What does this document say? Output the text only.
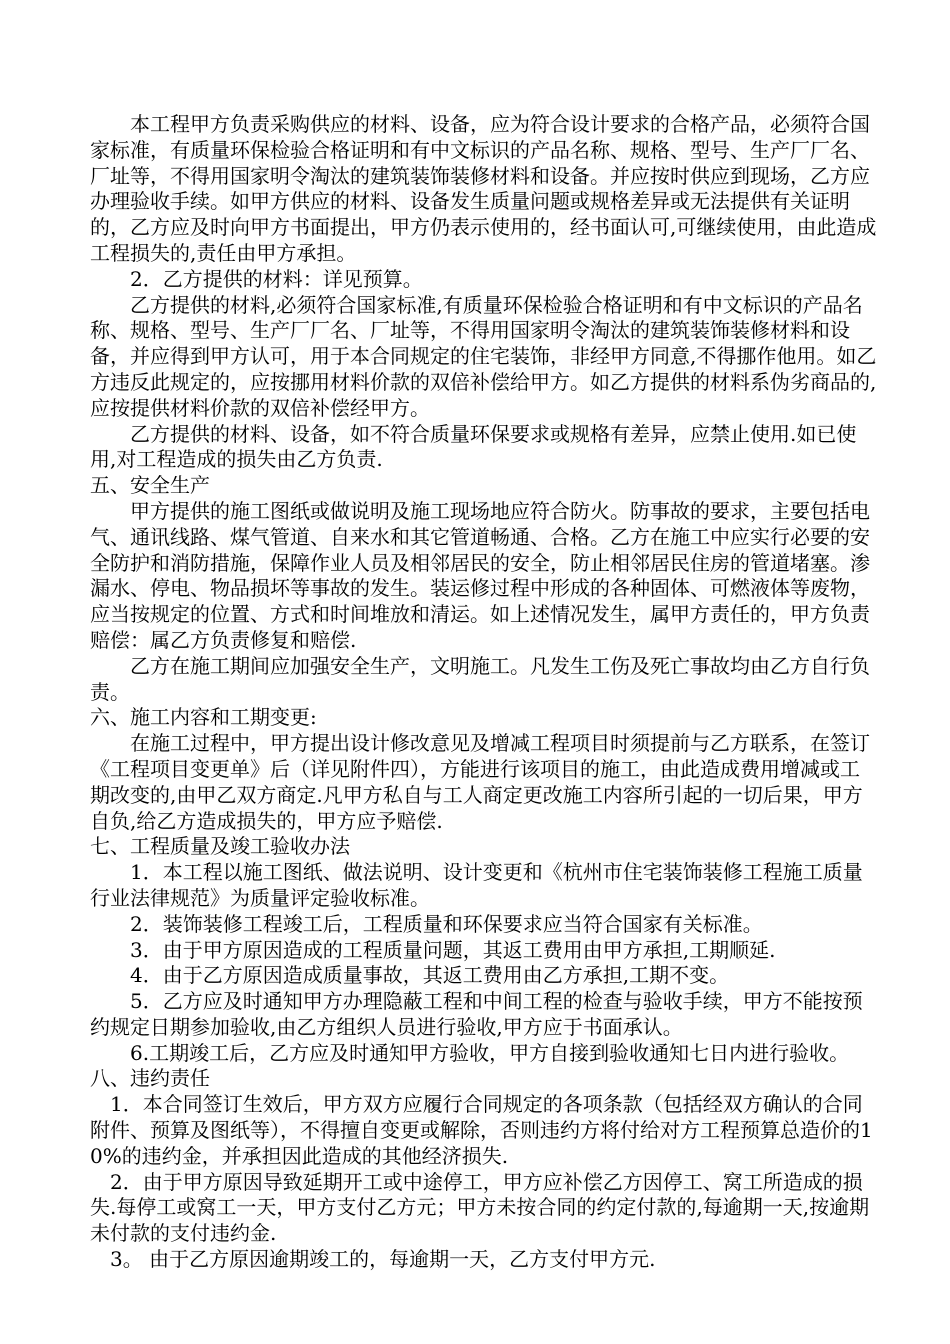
本工程甲方负责采购供应的材料、设备，应为符合设计要求的合格产品，必须符合国家标准，有质量环保检验合格证明和有中文标识的产品名称、规格、型号、生产厂厂名、厂址等，不得用国家明令淘汰的建筑装饰装修材料和设备。并应按时供应到现场，乙方应办理验收手续。如甲方供应的材料、设备发生质量问题或规格差异或无法提供有关证明的，乙方应及时向甲方书面提出，甲方仍表示使用的，经书面认可,可继续使用，由此造成工程损失的,责任由甲方承担。

2．乙方提供的材料：详见预算。

乙方提供的材料,必须符合国家标准,有质量环保检验合格证明和有中文标识的产品名称、规格、型号、生产厂厂名、厂址等，不得用国家明令淘汰的建筑装饰装修材料和设备，并应得到甲方认可，用于本合同规定的住宅装饰，非经甲方同意,不得挪作他用。如乙方违反此规定的，应按挪用材料价款的双倍补偿给甲方。如乙方提供的材料系伪劣商品的,应按提供材料价款的双倍补偿经甲方。

乙方提供的材料、设备，如不符合质量环保要求或规格有差异，应禁止使用.如已使用,对工程造成的损失由乙方负责.

五、安全生产

甲方提供的施工图纸或做说明及施工现场地应符合防火。防事故的要求，主要包括电气、通讯线路、煤气管道、自来水和其它管道畅通、合格。乙方在施工中应实行必要的安全防护和消防措施，保障作业人员及相邻居民的安全，防止相邻居民住房的管道堵塞。渗漏水、停电、物品损坏等事故的发生。装运修过程中形成的各种固体、可燃液体等废物，应当按规定的位置、方式和时间堆放和清运。如上述情况发生，属甲方责任的，甲方负责赔偿：属乙方负责修复和赔偿.

乙方在施工期间应加强安全生产，文明施工。凡发生工伤及死亡事故均由乙方自行负责。

六、施工内容和工期变更:

在施工过程中，甲方提出设计修改意见及增减工程项目时须提前与乙方联系，在签订《工程项目变更单》后（详见附件四），方能进行该项目的施工，由此造成费用增减或工期改变的,由甲乙双方商定.凡甲方私自与工人商定更改施工内容所引起的一切后果，甲方自负,给乙方造成损失的，甲方应予赔偿.

七、工程质量及竣工验收办法

1．本工程以施工图纸、做法说明、设计变更和《杭州市住宅装饰装修工程施工质量行业法律规范》为质量评定验收标准。

2．装饰装修工程竣工后，工程质量和环保要求应当符合国家有关标准。

3．由于甲方原因造成的工程质量问题，其返工费用由甲方承担,工期顺延.

4．由于乙方原因造成质量事故，其返工费用由乙方承担,工期不变。

5．乙方应及时通知甲方办理隐蔽工程和中间工程的检查与验收手续，甲方不能按预约规定日期参加验收,由乙方组织人员进行验收,甲方应于书面承认。

6.工期竣工后，乙方应及时通知甲方验收，甲方自接到验收通知七日内进行验收。

八、违约责任

1．本合同签订生效后，甲方双方应履行合同规定的各项条款（包括经双方确认的合同附件、预算及图纸等），不得擅自变更或解除，否则违约方将付给对方工程预算总造价的10%的违约金，并承担因此造成的其他经济损失.

2．由于甲方原因导致延期开工或中途停工，甲方应补偿乙方因停工、窝工所造成的损失.每停工或窝工一天，甲方支付乙方元；甲方未按合同的约定付款的,每逾期一天,按逾期未付款的支付违约金.

3。 由于乙方原因逾期竣工的，每逾期一天，乙方支付甲方元.
